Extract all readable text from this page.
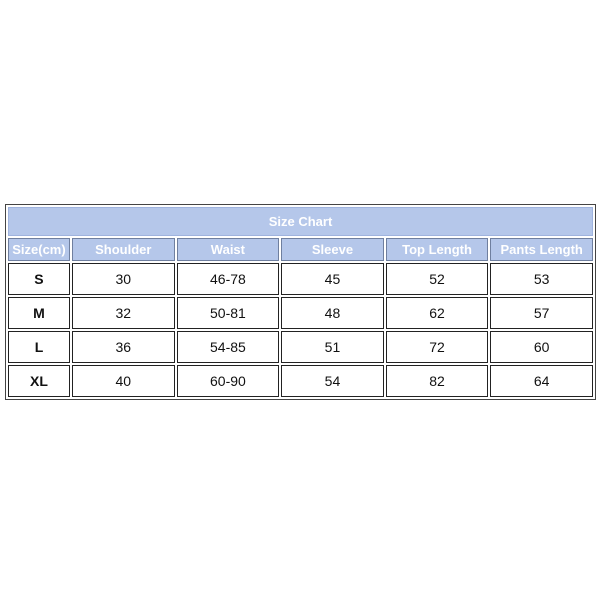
Size Chart					
Size(cm)	Shoulder	Waist	Sleeve	Top Length	Pants Length
S	30	46-78	45	52	53
M	32	50-81	48	62	57
L	36	54-85	51	72	60
XL	40	60-90	54	82	64
